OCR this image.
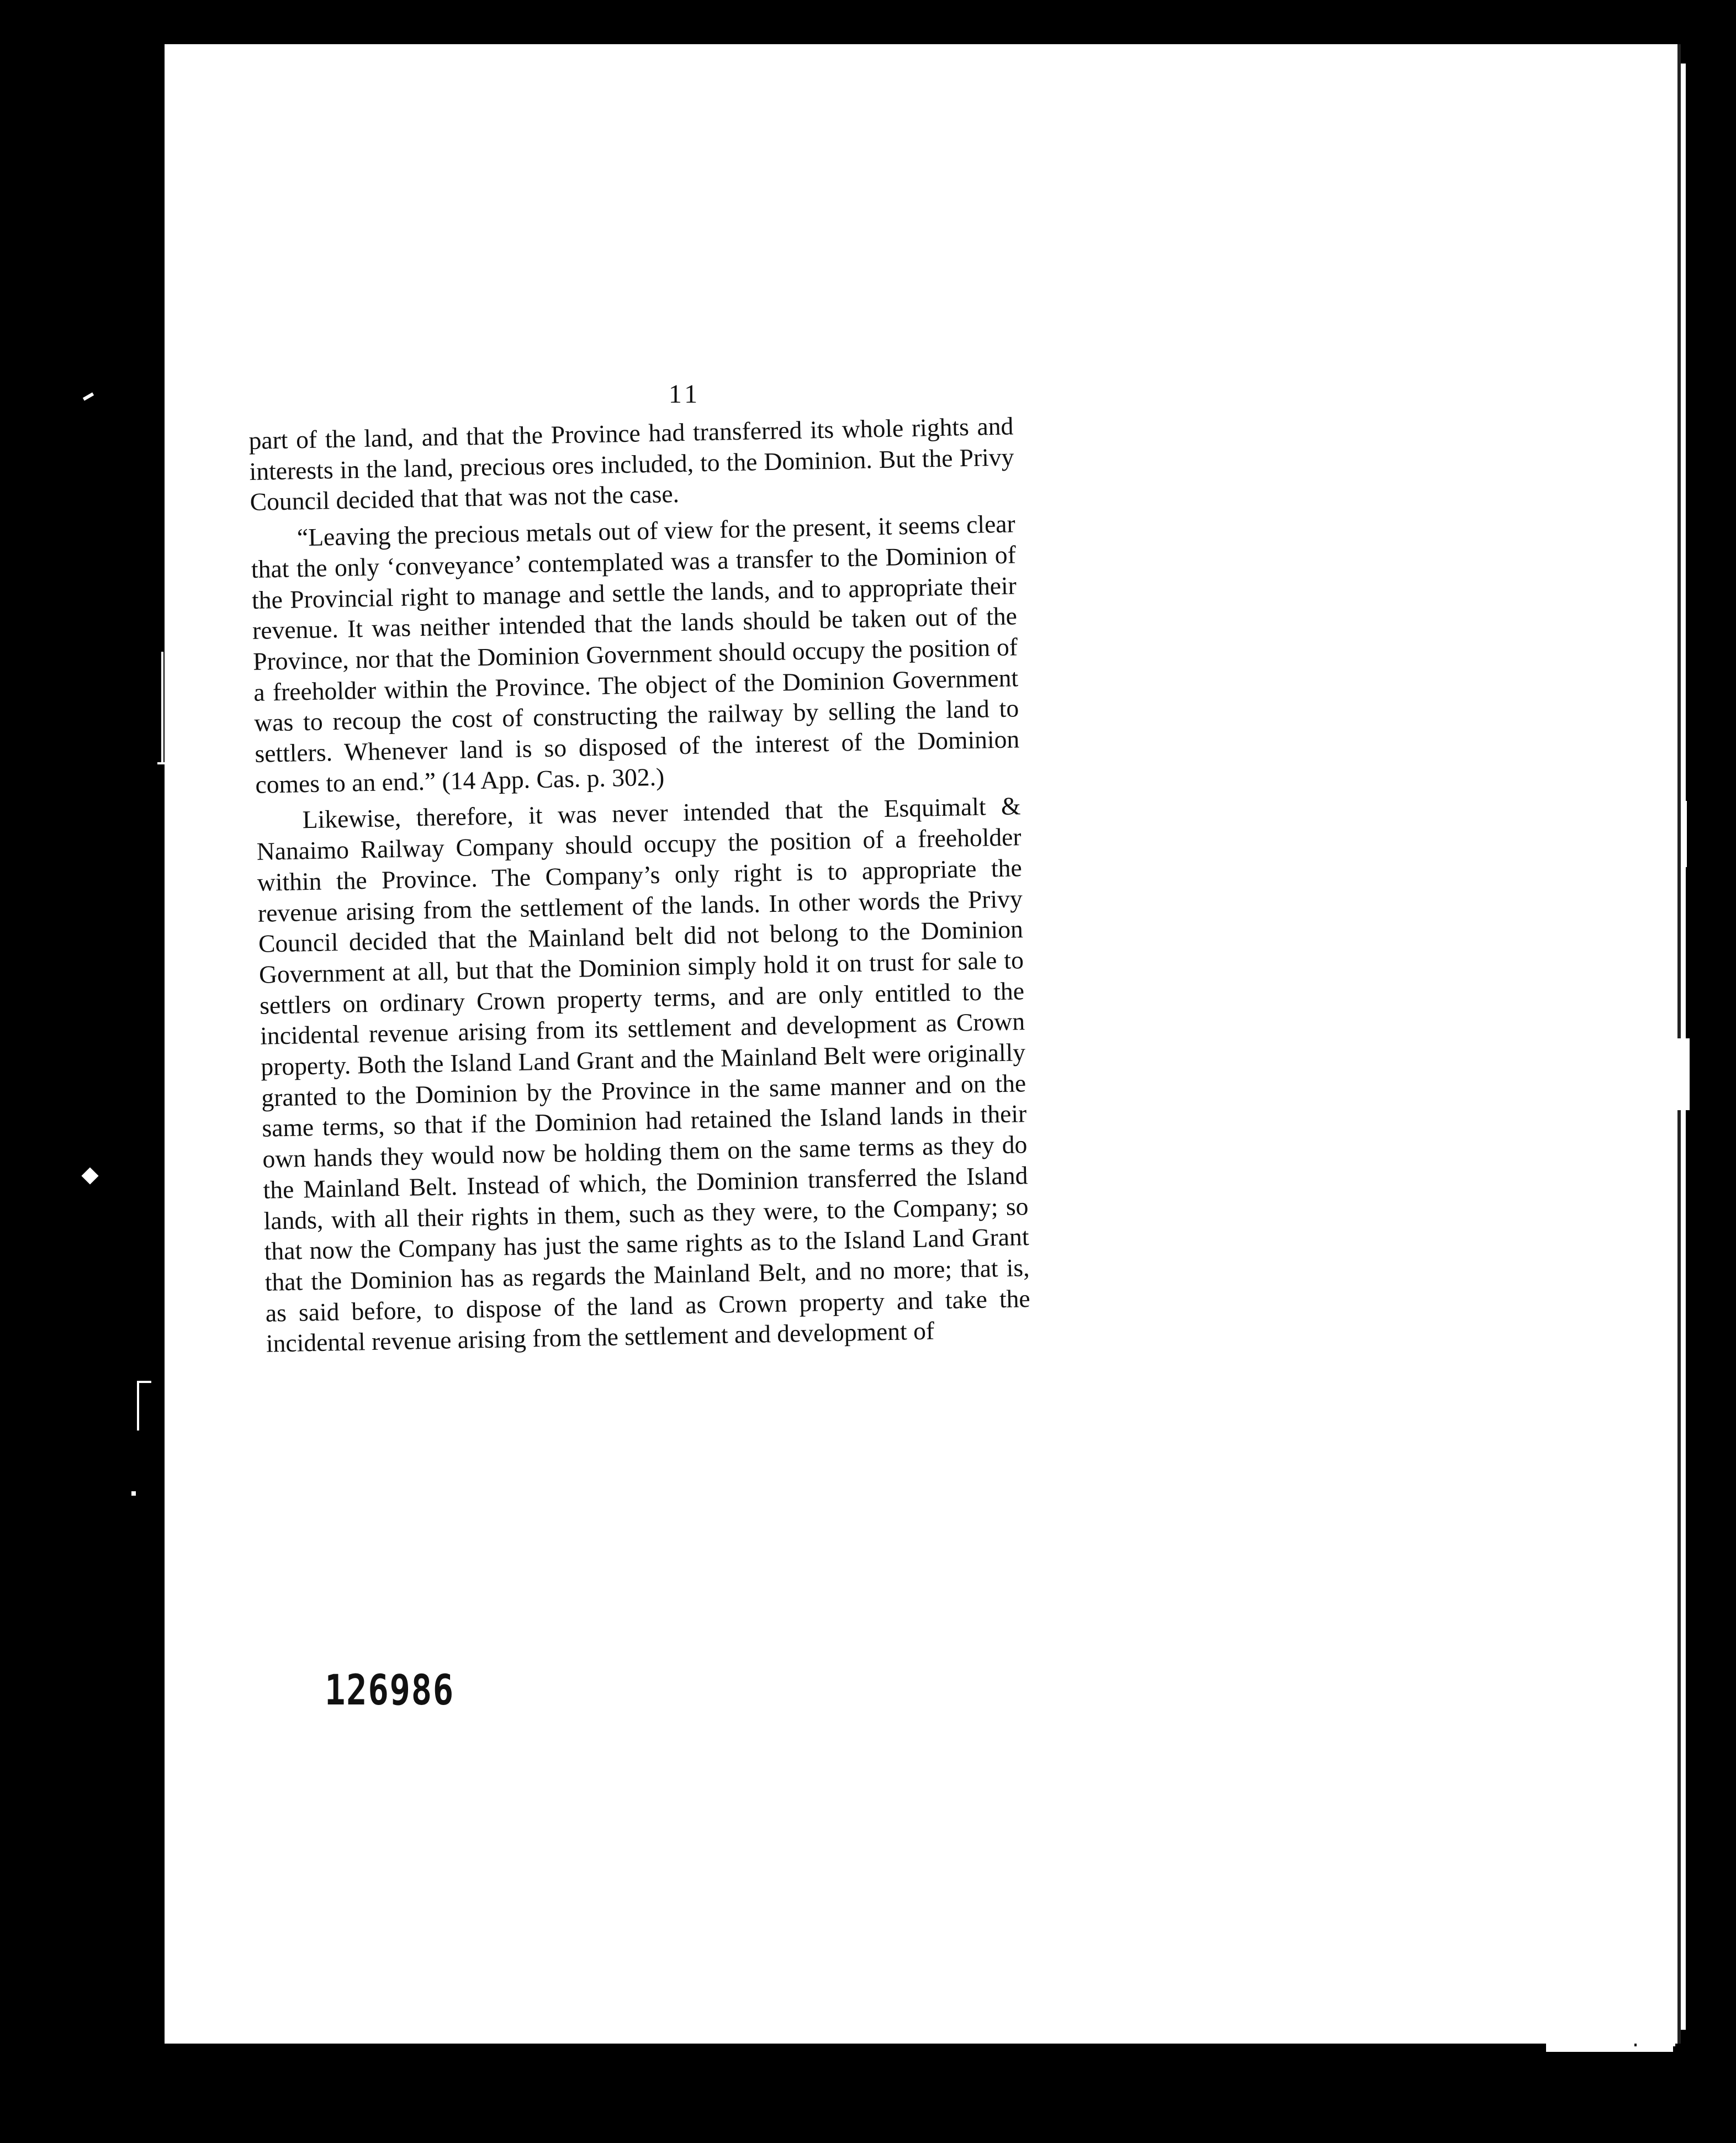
11

part of the land, and that the Province had transferred its whole rights and interests in the land, precious ores included, to the Dominion. But the Privy Council decided that that was not the case.

“Leaving the precious metals out of view for the present, it seems clear that the only ‘conveyance’ contemplated was a transfer to the Dominion of the Provincial right to manage and settle the lands, and to appropriate their revenue. It was neither intended that the lands should be taken out of the Province, nor that the Dominion Government should occupy the position of a freeholder within the Province. The object of the Dominion Government was to recoup the cost of constructing the railway by selling the land to settlers. Whenever land is so disposed of the interest of the Dominion comes to an end.” (14 App. Cas. p. 302.)

Likewise, therefore, it was never intended that the Esquimalt & Nanaimo Railway Company should occupy the position of a freeholder within the Province. The Company’s only right is to appropriate the revenue arising from the settlement of the lands. In other words the Privy Council decided that the Mainland belt did not belong to the Dominion Government at all, but that the Dominion simply hold it on trust for sale to settlers on ordinary Crown property terms, and are only entitled to the incidental revenue arising from its settlement and development as Crown property. Both the Island Land Grant and the Mainland Belt were originally granted to the Dominion by the Province in the same manner and on the same terms, so that if the Dominion had retained the Island lands in their own hands they would now be holding them on the same terms as they do the Mainland Belt. Instead of which, the Dominion transferred the Island lands, with all their rights in them, such as they were, to the Company; so that now the Company has just the same rights as to the Island Land Grant that the Dominion has as regards the Mainland Belt, and no more; that is, as said before, to dispose of the land as Crown property and take the incidental revenue arising from the settlement and development of

126986
